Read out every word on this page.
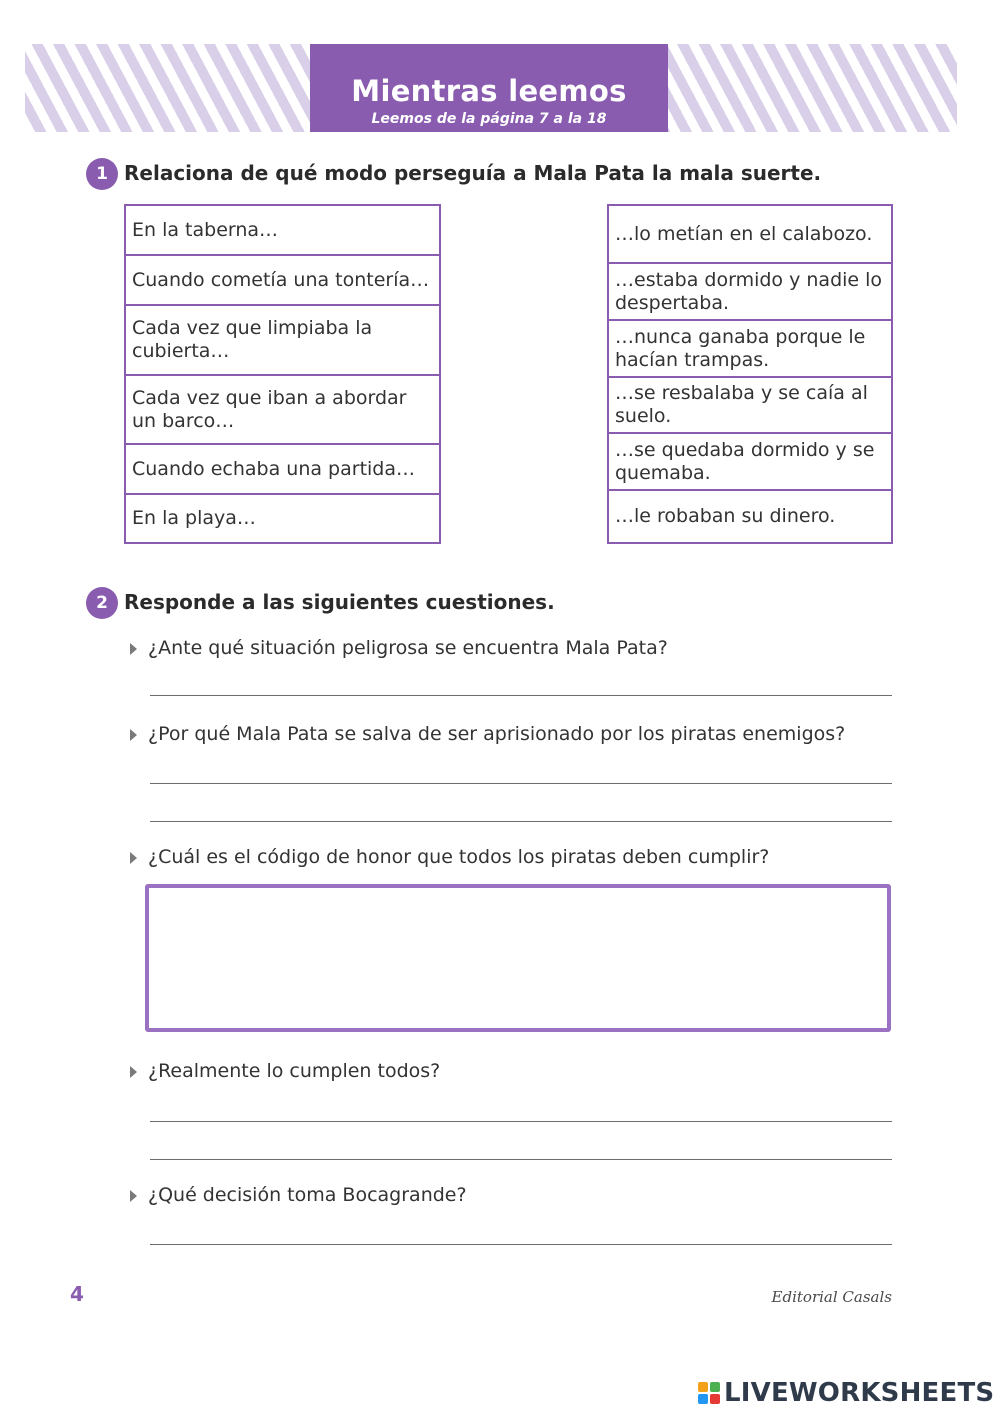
Mientras leemos
Leemos de la página 7 a la 18
1 Relaciona de qué modo perseguía a Mala Pata la mala suerte.
En la taberna…
Cuando cometía una tontería…
Cada vez que limpiaba la cubierta…
Cada vez que iban a abordar un barco…
Cuando echaba una partida…
En la playa…
…lo metían en el calabozo.
…estaba dormido y nadie lo despertaba.
…nunca ganaba porque le hacían trampas.
…se resbalaba y se caía al suelo.
…se quedaba dormido y se quemaba.
…le robaban su dinero.
2 Responde a las siguientes cuestiones.
¿Ante qué situación peligrosa se encuentra Mala Pata?
¿Por qué Mala Pata se salva de ser aprisionado por los piratas enemigos?
¿Cuál es el código de honor que todos los piratas deben cumplir?
¿Realmente lo cumplen todos?
¿Qué decisión toma Bocagrande?
4	Editorial Casals
LIVEWORKSHEETS
